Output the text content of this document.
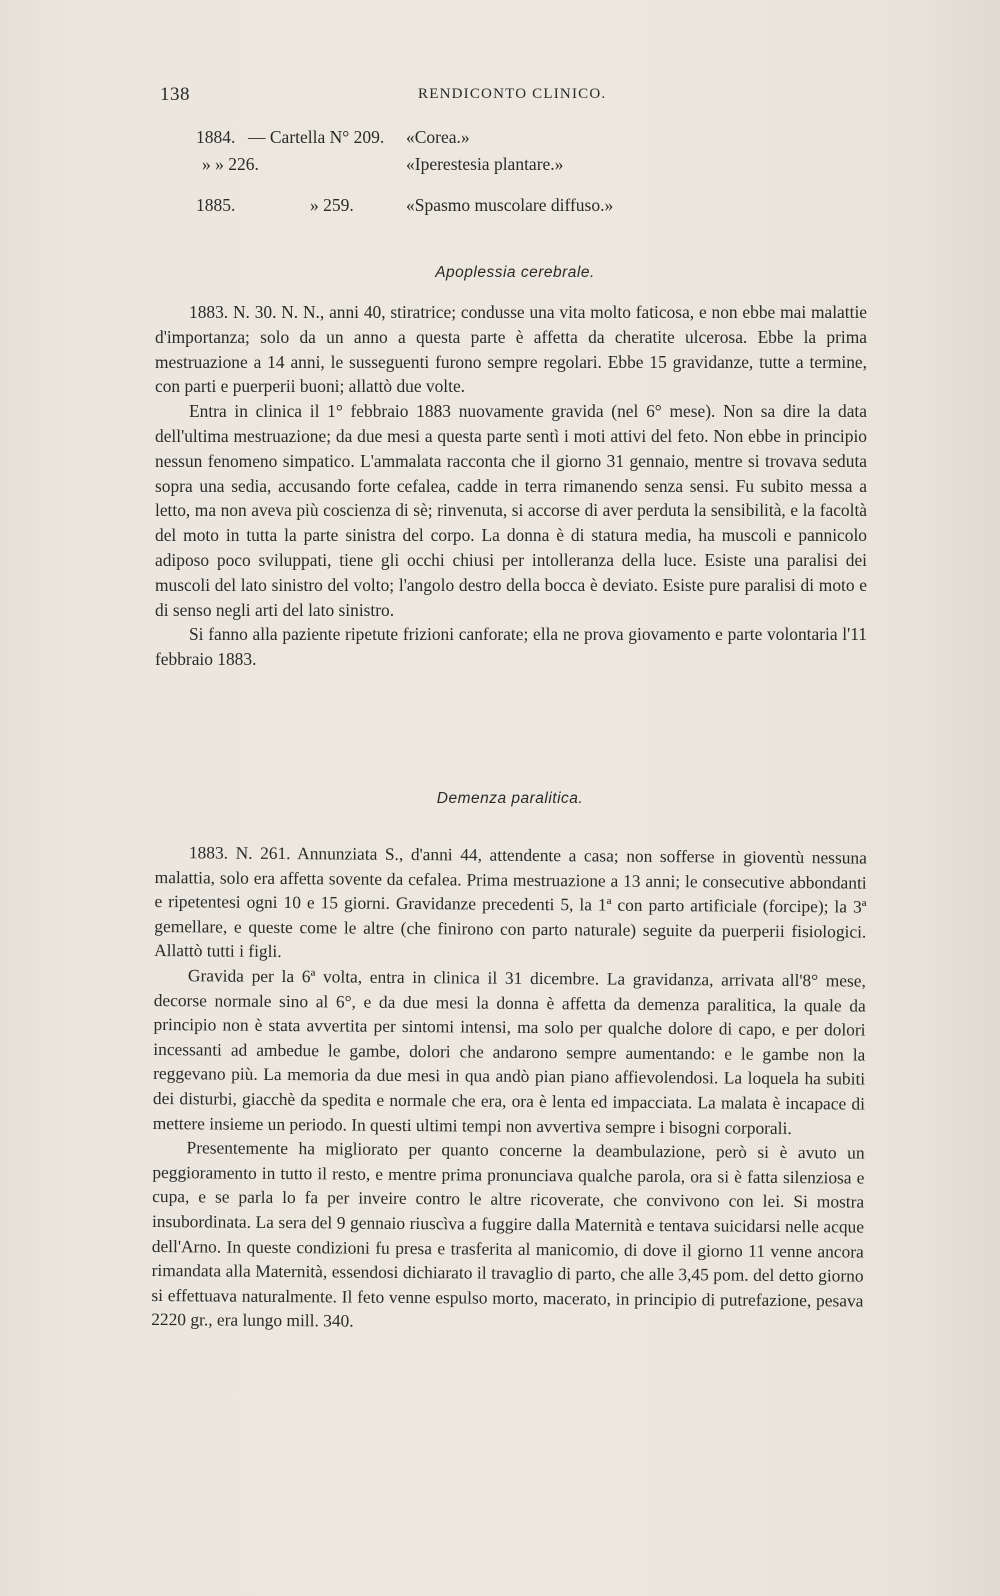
138	RENDICONTO CLINICO.
1884. — Cartella N° 209. «Corea.»
» » 226.	«Iperestesia plantare.»
1885.	» 259.	«Spasmo muscolare diffuso.»
Apoplessia cerebrale.

1883. N. 30. N. N., anni 40, stiratrice; condusse una vita molto faticosa, e non ebbe mai malattie d'importanza; solo da un anno a questa parte è affetta da cheratite ulcerosa. Ebbe la prima mestruazione a 14 anni, le susseguenti furono sempre regolari. Ebbe 15 gravidanze, tutte a termine, con parti e puerperii buoni; allattò due volte.

Entra in clinica il 1° febbraio 1883 nuovamente gravida (nel 6° mese). Non sa dire la data dell'ultima mestruazione; da due mesi a questa parte sentì i moti attivi del feto. Non ebbe in principio nessun fenomeno simpatico. L'ammalata racconta che il giorno 31 gennaio, mentre si trovava seduta sopra una sedia, accusando forte cefalea, cadde in terra rimanendo senza sensi. Fu subito messa a letto, ma non aveva più coscienza di sè; rinvenuta, si accorse di aver perduta la sensibilità, e la facoltà del moto in tutta la parte sinistra del corpo. La donna è di statura media, ha muscoli e pannicolo adiposo poco sviluppati, tiene gli occhi chiusi per intolleranza della luce. Esiste una paralisi dei muscoli del lato sinistro del volto; l'angolo destro della bocca è deviato. Esiste pure paralisi di moto e di senso negli arti del lato sinistro.

Si fanno alla paziente ripetute frizioni canforate; ella ne prova giovamento e parte volontaria l'11 febbraio 1883.

Demenza paralitica.

1883. N. 261. Annunziata S., d'anni 44, attendente a casa; non sofferse in gioventù nessuna malattia, solo era affetta sovente da cefalea. Prima mestruazione a 13 anni; le consecutive abbondanti e ripetentesi ogni 10 e 15 giorni. Gravidanze precedenti 5, la 1ª con parto artificiale (forcipe); la 3ª gemellare, e queste come le altre (che finirono con parto naturale) seguite da puerperii fisiologici. Allattò tutti i figli.

Gravida per la 6ª volta, entra in clinica il 31 dicembre. La gravidanza, arrivata all'8° mese, decorse normale sino al 6°, e da due mesi la donna è affetta da demenza paralitica, la quale da principio non è stata avvertita per sintomi intensi, ma solo per qualche dolore di capo, e per dolori incessanti ad ambedue le gambe, dolori che andarono sempre aumentando: e le gambe non la reggevano più. La memoria da due mesi in qua andò pian piano affievolendosi. La loquela ha subiti dei disturbi, giacchè da spedita e normale che era, ora è lenta ed impacciata. La malata è incapace di mettere insieme un periodo. In questi ultimi tempi non avvertiva sempre i bisogni corporali.

Presentemente ha migliorato per quanto concerne la deambulazione, però si è avuto un peggioramento in tutto il resto, e mentre prima pronunciava qualche parola, ora si è fatta silenziosa e cupa, e se parla lo fa per inveire contro le altre ricoverate, che convivono con lei. Si mostra insubordinata. La sera del 9 gennaio riuscìva a fuggire dalla Maternità e tentava suicidarsi nelle acque dell'Arno. In queste condizioni fu presa e trasferita al manicomio, di dove il giorno 11 venne ancora rimandata alla Maternità, essendosi dichiarato il travaglio di parto, che alle 3,45 pom. del detto giorno si effettuava naturalmente. Il feto venne espulso morto, macerato, in principio di putrefazione, pesava 2220 gr., era lungo mill. 340.
